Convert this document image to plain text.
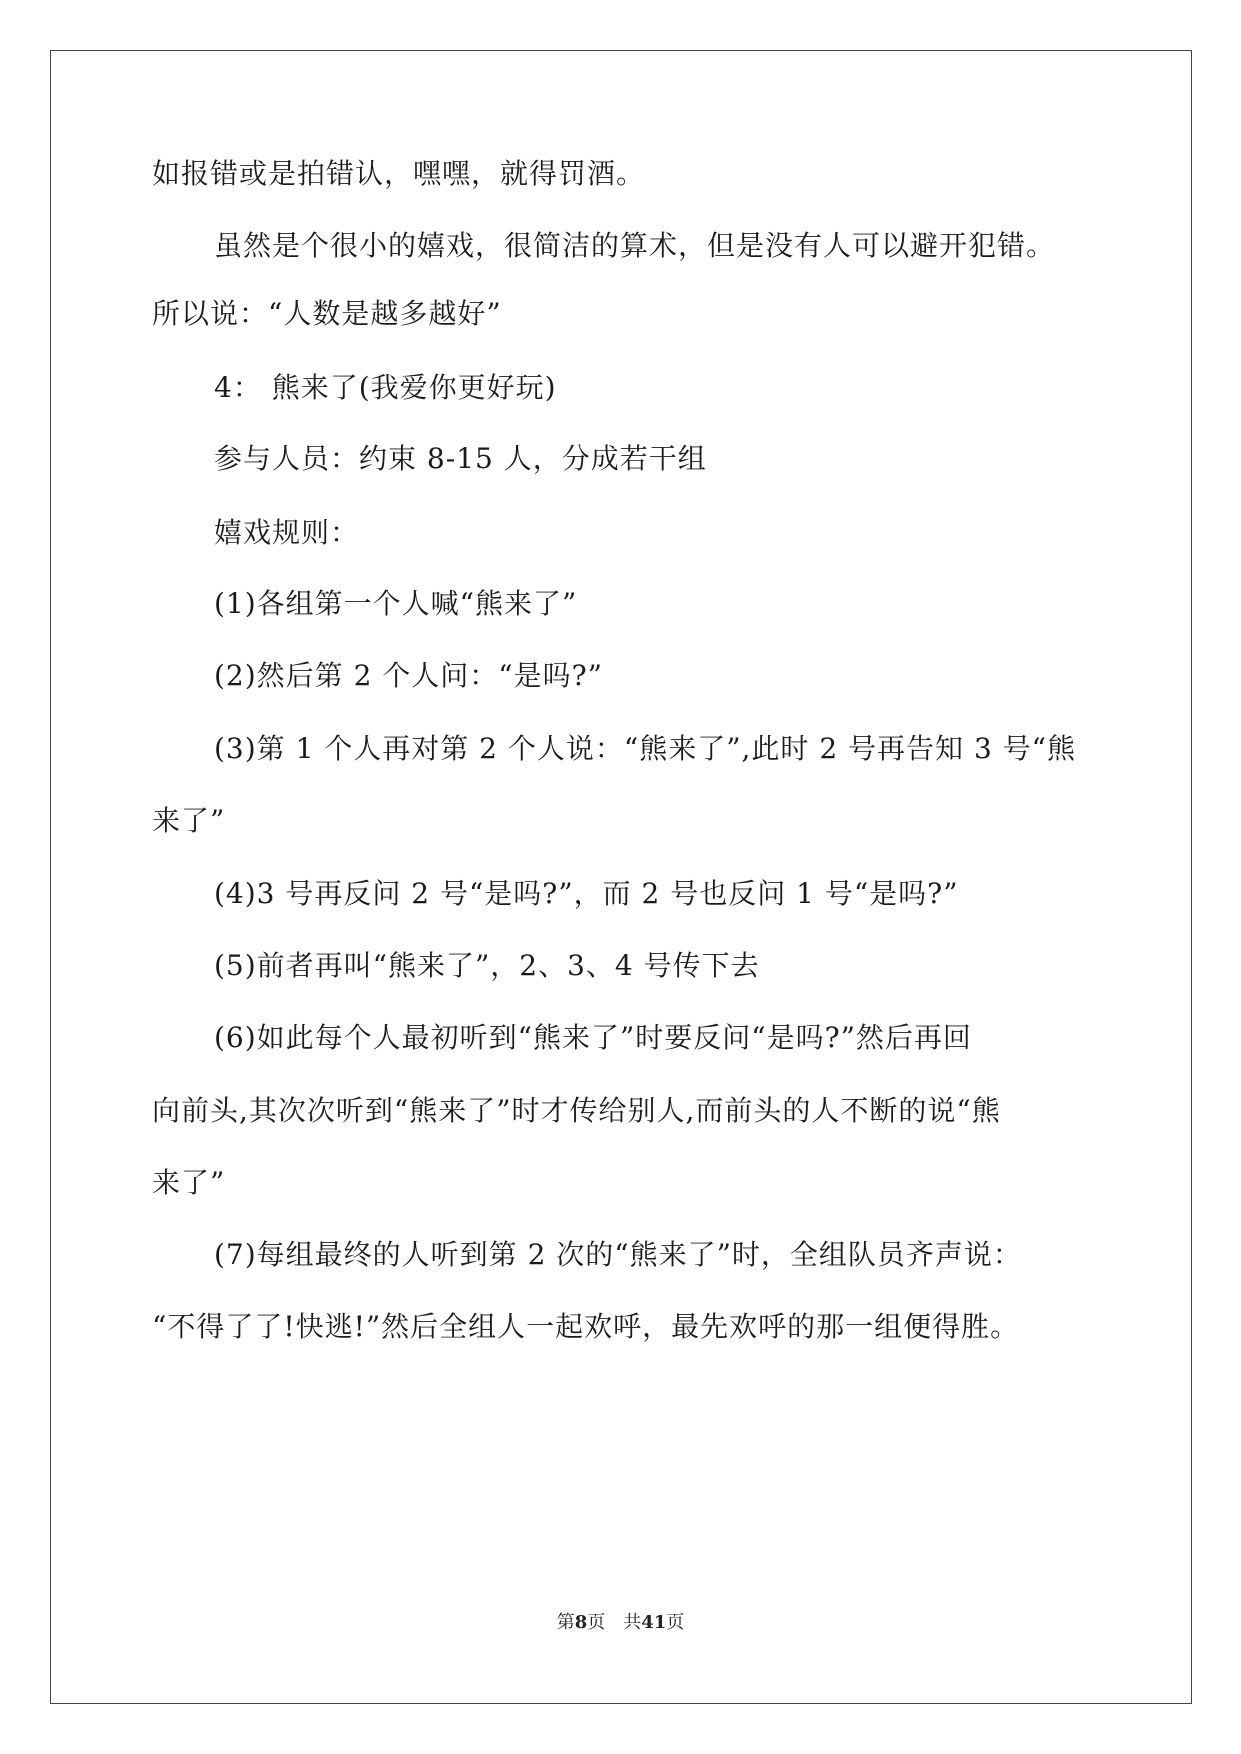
如报错或是拍错认，嘿嘿，就得罚酒。
虽然是个很小的嬉戏，很简洁的算术，但是没有人可以避开犯错。
所以说：“人数是越多越好”
4： 熊来了(我爱你更好玩)
参与人员：约束 8-15 人，分成若干组
嬉戏规则：
(1)各组第一个人喊“熊来了”
(2)然后第 2 个人问：“是吗?”
(3)第 1 个人再对第 2 个人说：“熊来了”,此时 2 号再告知 3 号“熊
来了”
(4)3 号再反问 2 号“是吗?”，而 2 号也反问 1 号“是吗?”
(5)前者再叫“熊来了”，2、3、4 号传下去
(6)如此每个人最初听到“熊来了”时要反问“是吗?”然后再回
向前头,其次次听到“熊来了”时才传给别人,而前头的人不断的说“熊
来了”
(7)每组最终的人听到第 2 次的“熊来了”时，全组队员齐声说：
“不得了了!快逃!”然后全组人一起欢呼，最先欢呼的那一组便得胜。
第8页 共41页
